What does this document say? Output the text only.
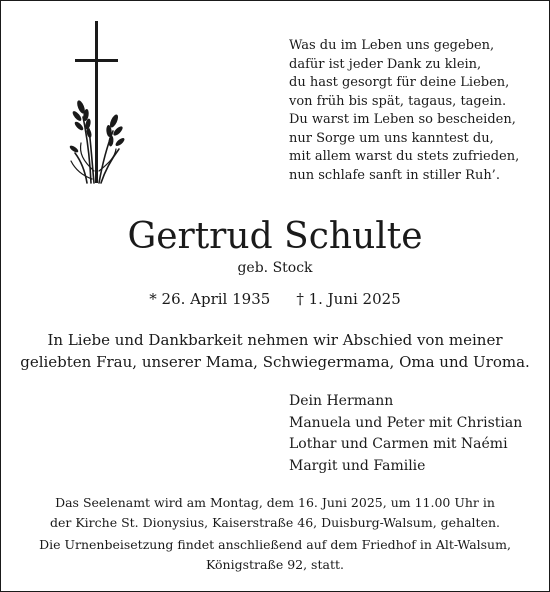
Was du im Leben uns gegeben,
dafür ist jeder Dank zu klein,
du hast gesorgt für deine Lieben,
von früh bis spät, tagaus, tagein.
Du warst im Leben so bescheiden,
nur Sorge um uns kanntest du,
mit allem warst du stets zufrieden,
nun schlafe sanft in stiller Ruh’.
Gertrud Schulte
geb. Stock
* 26. April 1935 † 1. Juni 2025
In Liebe und Dankbarkeit nehmen wir Abschied von meiner
geliebten Frau, unserer Mama, Schwiegermama, Oma und Uroma.
Dein Hermann
Manuela und Peter mit Christian
Lothar und Carmen mit Naémi
Margit und Familie
Das Seelenamt wird am Montag, dem 16. Juni 2025, um 11.00 Uhr in
der Kirche St. Dionysius, Kaiserstraße 46, Duisburg-Walsum, gehalten.
Die Urnenbeisetzung findet anschließend auf dem Friedhof in Alt-Walsum,
Königstraße 92, statt.
